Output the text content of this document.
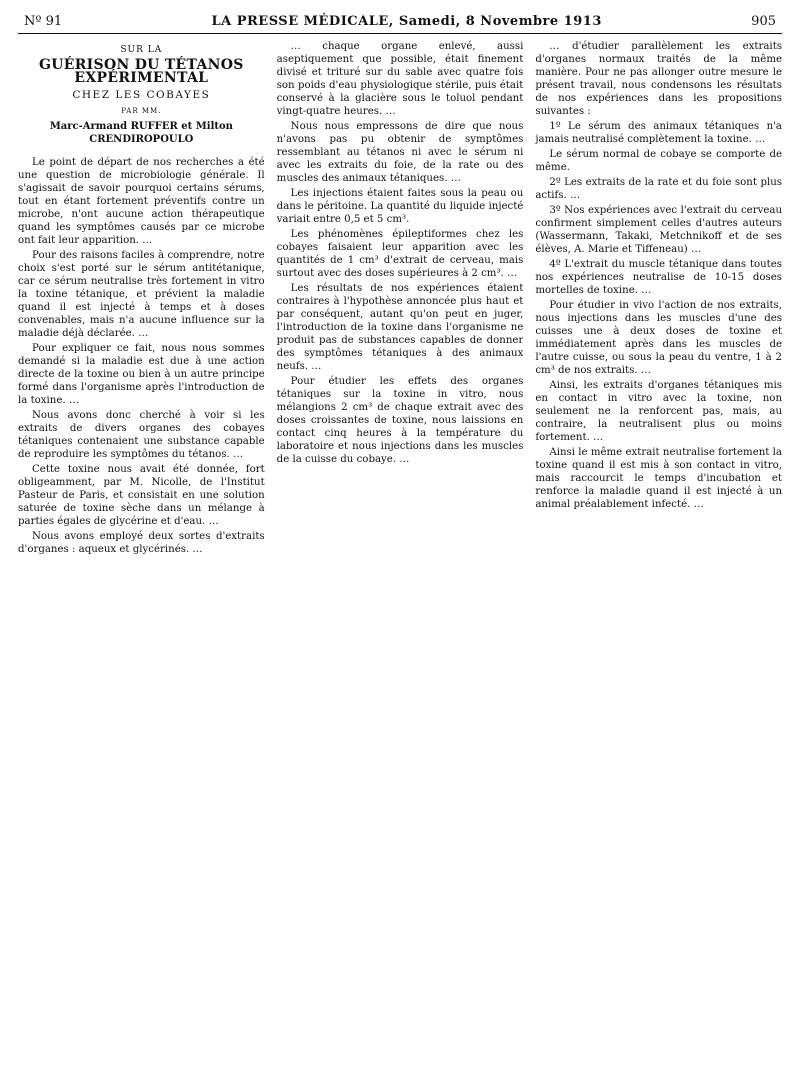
Nº 91	LA PRESSE MÉDICALE, Samedi, 8 Novembre 1913	905
SUR LA
GUÉRISON DU TÉTANOS EXPÉRIMENTAL
CHEZ LES COBAYES
PAR MM.
Marc-Armand RUFFER et Milton CRENDIROPOULO

Le point de départ de nos recherches a été une question de microbiologie générale. Il s'agissait de savoir pourquoi certains sérums, tout en étant fortement préventifs contre un microbe, n'ont aucune action thérapeutique quand les symptômes causés par ce microbe ont fait leur apparition. …

Pour des raisons faciles à comprendre, notre choix s'est porté sur le sérum antitétanique, car ce sérum neutralise très fortement in vitro la toxine tétanique, et prévient la maladie quand il est injecté à temps et à doses convenables, mais n'a aucune influence sur la maladie déjà déclarée. …

Pour expliquer ce fait, nous nous sommes demandé si la maladie est due à une action directe de la toxine ou bien à un autre principe formé dans l'organisme après l'introduction de la toxine. …

Nous avons donc cherché à voir si les extraits de divers organes des cobayes tétaniques contenaient une substance capable de reproduire les symptômes du tétanos. …

Cette toxine nous avait été donnée, fort obligeamment, par M. Nicolle, de l'Institut Pasteur de Paris, et consistait en une solution saturée de toxine sèche dans un mélange à parties égales de glycérine et d'eau. …

Nous avons employé deux sortes d'extraits d'organes : aqueux et glycérinés. …

… chaque organe enlevé, aussi aseptiquement que possible, était finement divisé et trituré sur du sable avec quatre fois son poids d'eau physiologique stérile, puis était conservé à la glacière sous le toluol pendant vingt-quatre heures. …

Nous nous empressons de dire que nous n'avons pas pu obtenir de symptômes ressemblant au tétanos ni avec le sérum ni avec les extraits du foie, de la rate ou des muscles des animaux tétaniques. …

Les injections étaient faites sous la peau ou dans le péritoine. La quantité du liquide injecté variait entre 0,5 et 5 cm³.

Les phénomènes épileptiformes chez les cobayes faisaient leur apparition avec les quantités de 1 cm³ d'extrait de cerveau, mais surtout avec des doses supérieures à 2 cm³. …

Les résultats de nos expériences étaient contraires à l'hypothèse annoncée plus haut et par conséquent, autant qu'on peut en juger, l'introduction de la toxine dans l'organisme ne produit pas de substances capables de donner des symptômes tétaniques à des animaux neufs. …

Pour étudier les effets des organes tétaniques sur la toxine in vitro, nous mélangions 2 cm³ de chaque extrait avec des doses croissantes de toxine, nous laissions en contact cinq heures à la température du laboratoire et nous injections dans les muscles de la cuisse du cobaye. …

… d'étudier parallèlement les extraits d'organes normaux traités de la même manière. Pour ne pas allonger outre mesure le présent travail, nous condensons les résultats de nos expériences dans les propositions suivantes :

1º Le sérum des animaux tétaniques n'a jamais neutralisé complètement la toxine. …

Le sérum normal de cobaye se comporte de même.

2º Les extraits de la rate et du foie sont plus actifs. …

3º Nos expériences avec l'extrait du cerveau confirment simplement celles d'autres auteurs (Wassermann, Takaki, Metchnikoff et de ses élèves, A. Marie et Tiffeneau) …

4º L'extrait du muscle tétanique dans toutes nos expériences neutralise de 10-15 doses mortelles de toxine. …

Pour étudier in vivo l'action de nos extraits, nous injections dans les muscles d'une des cuisses une à deux doses de toxine et immédiatement après dans les muscles de l'autre cuisse, ou sous la peau du ventre, 1 à 2 cm³ de nos extraits. …

Ainsi, les extraits d'organes tétaniques mis en contact in vitro avec la toxine, non seulement ne la renforcent pas, mais, au contraire, la neutralisent plus ou moins fortement. …

Ainsi le même extrait neutralise fortement la toxine quand il est mis à son contact in vitro, mais raccourcit le temps d'incubation et renforce la maladie quand il est injecté à un animal préalablement infecté. …
